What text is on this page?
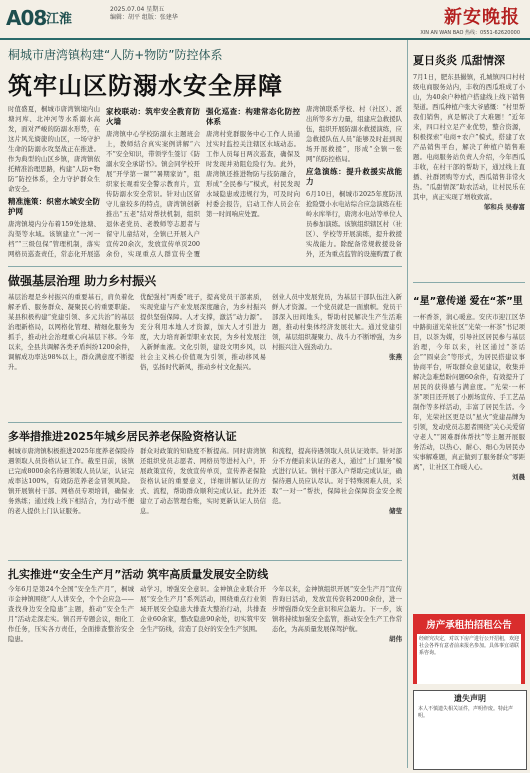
A08 江淮
2025.07.04 星期五
编辑：胡平 组版：张建华	新安晚报
XIN AN WAN BAO 热线：0551-62620000
桐城市唐湾镇构建“人防+物防”防控体系
筑牢山区防溺水安全屏障
时值盛夏，桐城市唐湾镇境内山塘河库、北冲河等水系溺水高发，面对严峻的防溺水形势，在这片风光旖旎的山区，一场守护生命的防溺水攻坚战正在推进。作为典型的山区乡镇，唐湾镇依托精准治理思路，构建“人防+物防”防控体系，全力守护群众生命安全。
精准施策：织密水域安全防护网
唐湾镇境内分布着159处池塘、沟渠等水域。该镇建立“一河一档”“三级包保”管理机制，落实网格员巡查责任，常态化开展巡
家校联动：筑牢安全教育防火墙
唐湾镇中心学校防溺水主题班会上，教师结合真实案例讲解“六不”安全知识，带领学生签订《防溺水安全承诺书》。镇会同学校开展“开学第一课”“暑期家访”，组织家长观看安全警示教育片，宣传防溺水安全常识。针对山区留守儿童较多的特点，唐湾镇创新推出“五老”结对帮扶机制，组织退休老党员、老教师等志愿者与留守儿童结对，全镇已开展入户宣传20余次，发放宣传单页200余份，实现重点人群宣传全覆
强化巡查：构建常态化防控体系
唐湾村党群服务中心工作人员通过实时监控关注辖区水域动态。工作人员每日两次巡查，确保及时发现并劝阻危险行为。此外，唐湾镇还推进物防与技防融合，形成“全民参与”模式，村民发现水域隐患或违规行为，可及时向村委会报告，启动工作人员会在第一时间响应处置。
唐湾镇联系学校、村（社区）、派出所等多方力量，组建应急救援队伍，组织开展防溺水救援演练，应急救援队伍人员“能够及时赶到现场开展救援”，形成“全镇一张网”的防控格局。
应急演练：提升救援实战能力
6月10日，桐城市2025年度防汛抢险暨小水电站综合应急演练在桂岭水库举行，唐湾水电站等单位人员参加演练。该镇组织辖区村（社区）、学校等开展演练，提升救援实战能力。除配备常规救援设备外，还为重点监管的设施购置了救
夏日炎炎 瓜甜情深
7月1日，肥东县撮镇，孔城镇四口村村级电商服务站内，丰收的西瓜堆成了小山，为40余户种植户搭建线上线下销售渠道。西瓜种植户张大爷感慨：“村里帮我们销售，真是解决了大难题！”近年来，四口村立足产业优势，整合资源，积极探索“电商+农户”模式，搭建了农产品销售平台，解决了种植户销售难题。电商服务站负责人介绍，今年西瓜丰收，在村干部的帮助下，通过线上直播、社群团购等方式，西瓜销售非常火热。“瓜甜情深”助农活动，让村民乐在其中，真正实现了增收致富。
邹和兵 吴春富
“星”意传递 爱在“茶”里
一杯香茶，润心暖意。安庆市迎江区华中路街道光荣社区“光荣·一杯茶”书记项目，以茶为媒，引导社区居民参与基层治理，今年以来，社区通过“茶话会”“圆桌会”等形式，为居民搭建议事协商平台，听取群众意见建议，收集并解决急难愁盼问题60余件，有效提升了居民的获得感与满意度。“光荣·一杯茶”项目还开展了小剧场宣传、手工艺品制作等多样活动，丰富了居民生活。今年，光荣社区更是以“星火”党建品牌为引领，发动党员志愿者围绕“关心关爱留守老人”“困难群体帮扶”等主题开展服务活动，以热心、耐心、细心为居民办实事解难题，真正做到了服务群众“零距离”，让社区工作暖人心。
刘晨
房产承租拍招租公告
经研究决定，对以下房产进行公开招租，欢迎社会各界有意者前来报名参加。具体事宜请联系咨询。
遗失声明
本人不慎遗失相关证件，声明作废。特此声明。
做强基层治理 助力乡村振兴
基层治理是乡村振兴的重要基石，肩负着化解矛盾、服务群众、凝聚民心的重要职能。某县积极构建“党建引领、多元共治”的基层治理新格局，以网格化管理、精细化服务为抓手，推动社会治理重心向基层下移。今年以来，全县共调解各类矛盾纠纷1200余件，调解成功率达98%以上，群众满意度不断提升。
优配强村“两委”班子，提高党员干部素质，实现党建与产业发展深度融合，为乡村振兴提供坚强保障。人才支撑，激活“动力源”。充分利用本地人才资源，加大人才引进力度，大力培育新型职业农民，为乡村发展注入新鲜血液。文化引领，建设文明乡风，以社会主义核心价值观为引领，推动移风易俗，弘扬时代新风，推动乡村文化振兴。
创业人员中发展党员，为基层干部队伍注入新鲜人才资源。一个党员就是一面旗帜。党员干部深入田间地头，帮助村民解决生产生活难题，推动村集体经济发展壮大。通过党建引领，基层组织凝聚力、战斗力不断增强，为乡村振兴注入强劲动力。
张燕
多举措推进2025年城乡居民养老保险资格认证
桐城市唐湾镇积极推进2025年度养老保险待遇领取人员资格认证工作。截至目前，该镇已完成8000余名待遇领取人员认证，认证完成率达100%，有效防范养老金冒领风险。镇开展镇村干部、网格员专项培训，确保业务熟练；通过线上线下相结合，为行动不便的老人提供上门认证服务。
群众对政策的知晓度不断提高。同时唐湾镇还组织党员志愿者、网格员等进村入户，开展政策宣传，发放宣传单页，宣传养老保险资格认证的重要意义，详细讲解认证的方式、流程，帮助群众顺利完成认证。此外还建立了动态管理台账，实时更新认证人员信息。
和流程，提高待遇领取人员认证效率。针对部分不方便前来认证的老人，通过“上门服务”模式进行认证。镇村干部入户帮助完成认证，确保待遇人员应认尽认。对于特殊困难人员，采取“一对一”帮扶，保障社会保障资金安全规范。
储莹
扎实推进“安全生产月”活动 筑牢高质量发展安全防线
今年6月是第24个全国“安全生产月”，桐城市金神镇围绕“人人讲安全，个个会应急——查找身边安全隐患”主题，推动“安全生产月”活动走深走实。镇召开专题会议，细化工作任务，压实各方责任，全面排查整治安全隐患。
动学习，增强安全意识。金神镇企业联合开展“安全生产月”系列活动，围绕重点行业领域开展安全隐患大排查大整治行动，共排查企业60余家，整改隐患90余处，切实筑牢安全生产防线，营造了良好的安全生产氛围。
今年以来，金神镇组织开展“安全生产月”宣传咨询日活动，发放宣传资料2000余份，进一步增强群众安全意识和应急能力。下一步，该镇将持续加强安全监管，推动安全生产工作常态化，为高质量发展保驾护航。
胡伟
